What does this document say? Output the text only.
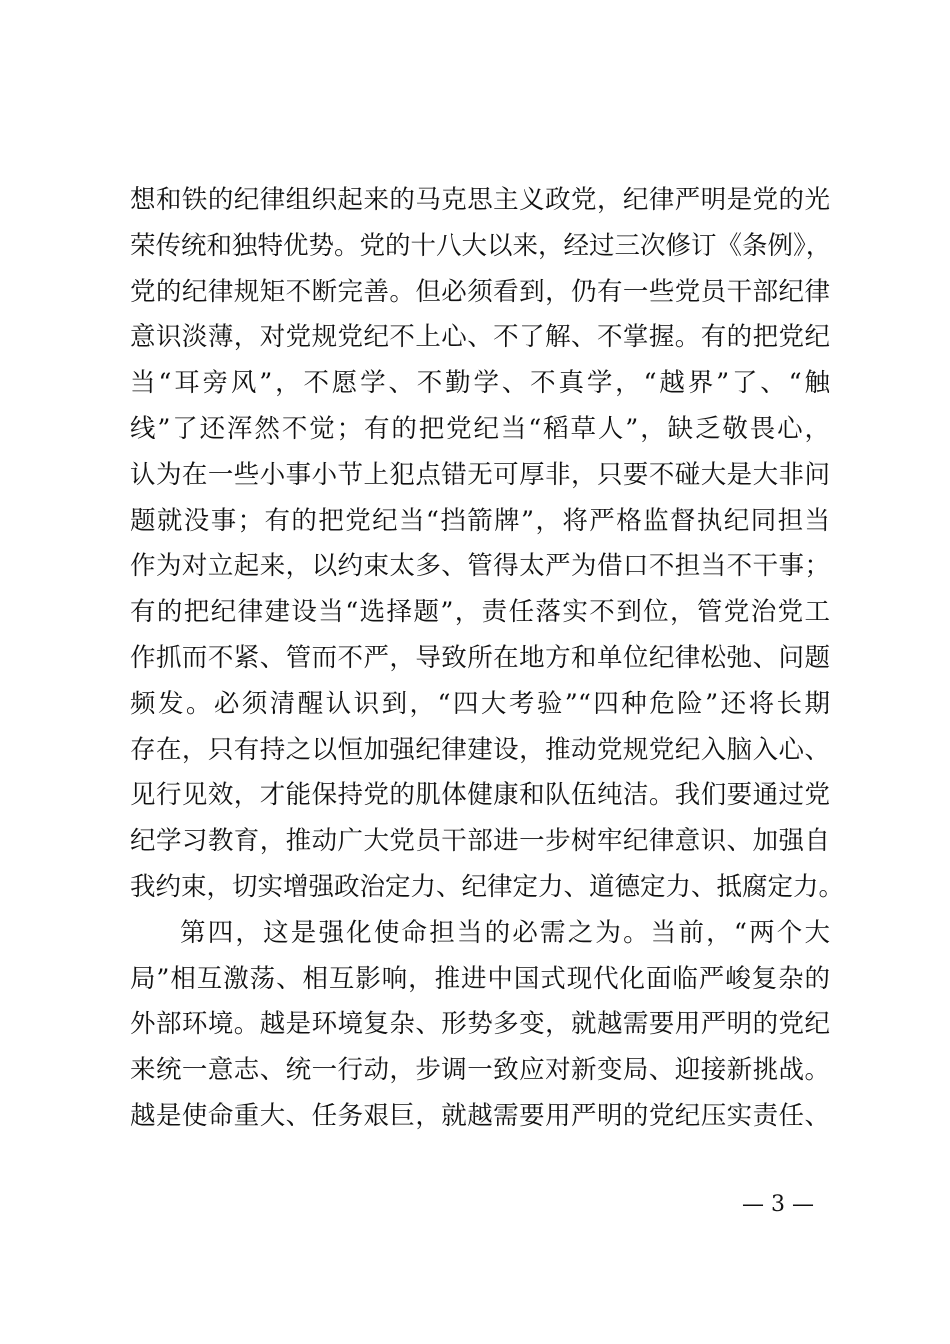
想和铁的纪律组织起来的马克思主义政党，纪律严明是党的光
荣传统和独特优势。党的十八大以来，经过三次修订《条例》，
党的纪律规矩不断完善。但必须看到，仍有一些党员干部纪律
意识淡薄，对党规党纪不上心、不了解、不掌握。有的把党纪
当“耳旁风”，不愿学、不勤学、不真学，“越界”了、“触
线”了还浑然不觉；有的把党纪当“稻草人”，缺乏敬畏心，
认为在一些小事小节上犯点错无可厚非，只要不碰大是大非问
题就没事；有的把党纪当“挡箭牌”，将严格监督执纪同担当
作为对立起来，以约束太多、管得太严为借口不担当不干事；
有的把纪律建设当“选择题”，责任落实不到位，管党治党工
作抓而不紧、管而不严，导致所在地方和单位纪律松弛、问题
频发。必须清醒认识到，“四大考验”“四种危险”还将长期
存在，只有持之以恒加强纪律建设，推动党规党纪入脑入心、
见行见效，才能保持党的肌体健康和队伍纯洁。我们要通过党
纪学习教育，推动广大党员干部进一步树牢纪律意识、加强自
我约束，切实增强政治定力、纪律定力、道德定力、抵腐定力。
第四，这是强化使命担当的必需之为。当前，“两个大
局”相互激荡、相互影响，推进中国式现代化面临严峻复杂的
外部环境。越是环境复杂、形势多变，就越需要用严明的党纪
来统一意志、统一行动，步调一致应对新变局、迎接新挑战。
越是使命重大、任务艰巨，就越需要用严明的党纪压实责任、
— 3 —
